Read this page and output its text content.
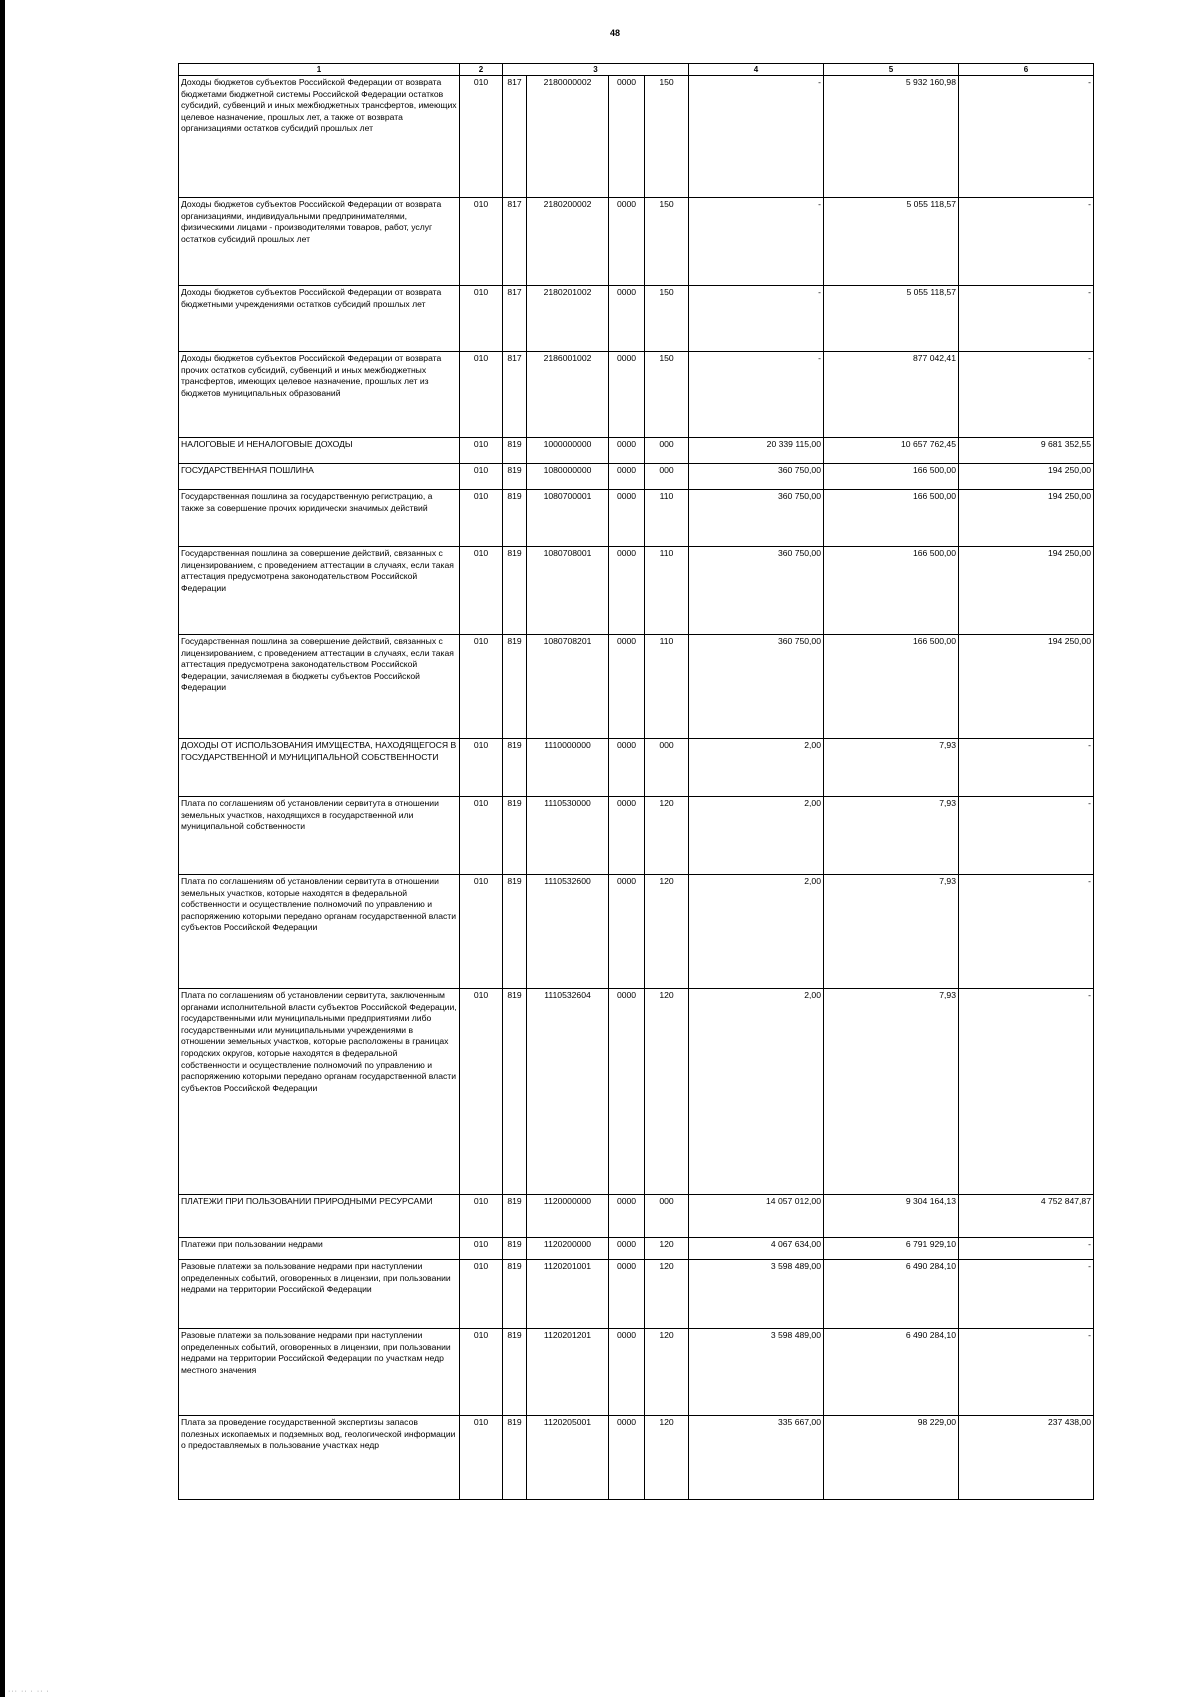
48
1	2	3				4	5	6
Доходы бюджетов субъектов Российской Федерации от возврата бюджетами бюджетной системы Российской Федерации остатков субсидий, субвенций и иных межбюджетных трансфертов, имеющих целевое назначение, прошлых лет, а также от возврата организациями остатков субсидий прошлых лет	010	817	2180000002	0000	150	-	5 932 160,98	-
Доходы бюджетов субъектов Российской Федерации от возврата организациями, индивидуальными предпринимателями, физическими лицами - производителями товаров, работ, услуг остатков субсидий прошлых лет	010	817	2180200002	0000	150	-	5 055 118,57	-
Доходы бюджетов субъектов Российской Федерации от возврата бюджетными учреждениями остатков субсидий прошлых лет	010	817	2180201002	0000	150	-	5 055 118,57	-
Доходы бюджетов субъектов Российской Федерации от возврата прочих остатков субсидий, субвенций и иных межбюджетных трансфертов, имеющих целевое назначение, прошлых лет из бюджетов муниципальных образований	010	817	2186001002	0000	150	-	877 042,41	-
НАЛОГОВЫЕ И НЕНАЛОГОВЫЕ ДОХОДЫ	010	819	1000000000	0000	000	20 339 115,00	10 657 762,45	9 681 352,55
ГОСУДАРСТВЕННАЯ ПОШЛИНА	010	819	1080000000	0000	000	360 750,00	166 500,00	194 250,00
Государственная пошлина за государственную регистрацию, а также за совершение прочих юридически значимых действий	010	819	1080700001	0000	110	360 750,00	166 500,00	194 250,00
Государственная пошлина за совершение действий, связанных с лицензированием, с проведением аттестации в случаях, если такая аттестация предусмотрена законодательством Российской Федерации	010	819	1080708001	0000	110	360 750,00	166 500,00	194 250,00
Государственная пошлина за совершение действий, связанных с лицензированием, с проведением аттестации в случаях, если такая аттестация предусмотрена законодательством Российской Федерации, зачисляемая в бюджеты субъектов Российской Федерации	010	819	1080708201	0000	110	360 750,00	166 500,00	194 250,00
ДОХОДЫ ОТ ИСПОЛЬЗОВАНИЯ ИМУЩЕСТВА, НАХОДЯЩЕГОСЯ В ГОСУДАРСТВЕННОЙ И МУНИЦИПАЛЬНОЙ СОБСТВЕННОСТИ	010	819	1110000000	0000	000	2,00	7,93	-
Плата по соглашениям об установлении сервитута в отношении земельных участков, находящихся в государственной или муниципальной собственности	010	819	1110530000	0000	120	2,00	7,93	-
Плата по соглашениям об установлении сервитута в отношении земельных участков, которые находятся в федеральной собственности и осуществление полномочий по управлению и распоряжению которыми передано органам государственной власти субъектов Российской Федерации	010	819	1110532600	0000	120	2,00	7,93	-
Плата по соглашениям об установлении сервитута, заключенным органами исполнительной власти субъектов Российской Федерации, государственными или муниципальными предприятиями либо государственными или муниципальными учреждениями в отношении земельных участков, которые расположены в границах городских округов, которые находятся в федеральной собственности и осуществление полномочий по управлению и распоряжению которыми передано органам государственной власти субъектов Российской Федерации	010	819	1110532604	0000	120	2,00	7,93	-
ПЛАТЕЖИ ПРИ ПОЛЬЗОВАНИИ ПРИРОДНЫМИ РЕСУРСАМИ	010	819	1120000000	0000	000	14 057 012,00	9 304 164,13	4 752 847,87
Платежи при пользовании недрами	010	819	1120200000	0000	120	4 067 634,00	6 791 929,10	-
Разовые платежи за пользование недрами при наступлении определенных событий, оговоренных в лицензии, при пользовании недрами на территории Российской Федерации	010	819	1120201001	0000	120	3 598 489,00	6 490 284,10	-
Разовые платежи за пользование недрами при наступлении определенных событий, оговоренных в лицензии, при пользовании недрами на территории Российской Федерации по участкам недр местного значения	010	819	1120201201	0000	120	3 598 489,00	6 490 284,10	-
Плата за проведение государственной экспертизы запасов полезных ископаемых и подземных вод, геологической информации о предоставляемых в пользование участках недр	010	819	1120205001	0000	120	335 667,00	98 229,00	237 438,00
··· ·· · ·· ·
